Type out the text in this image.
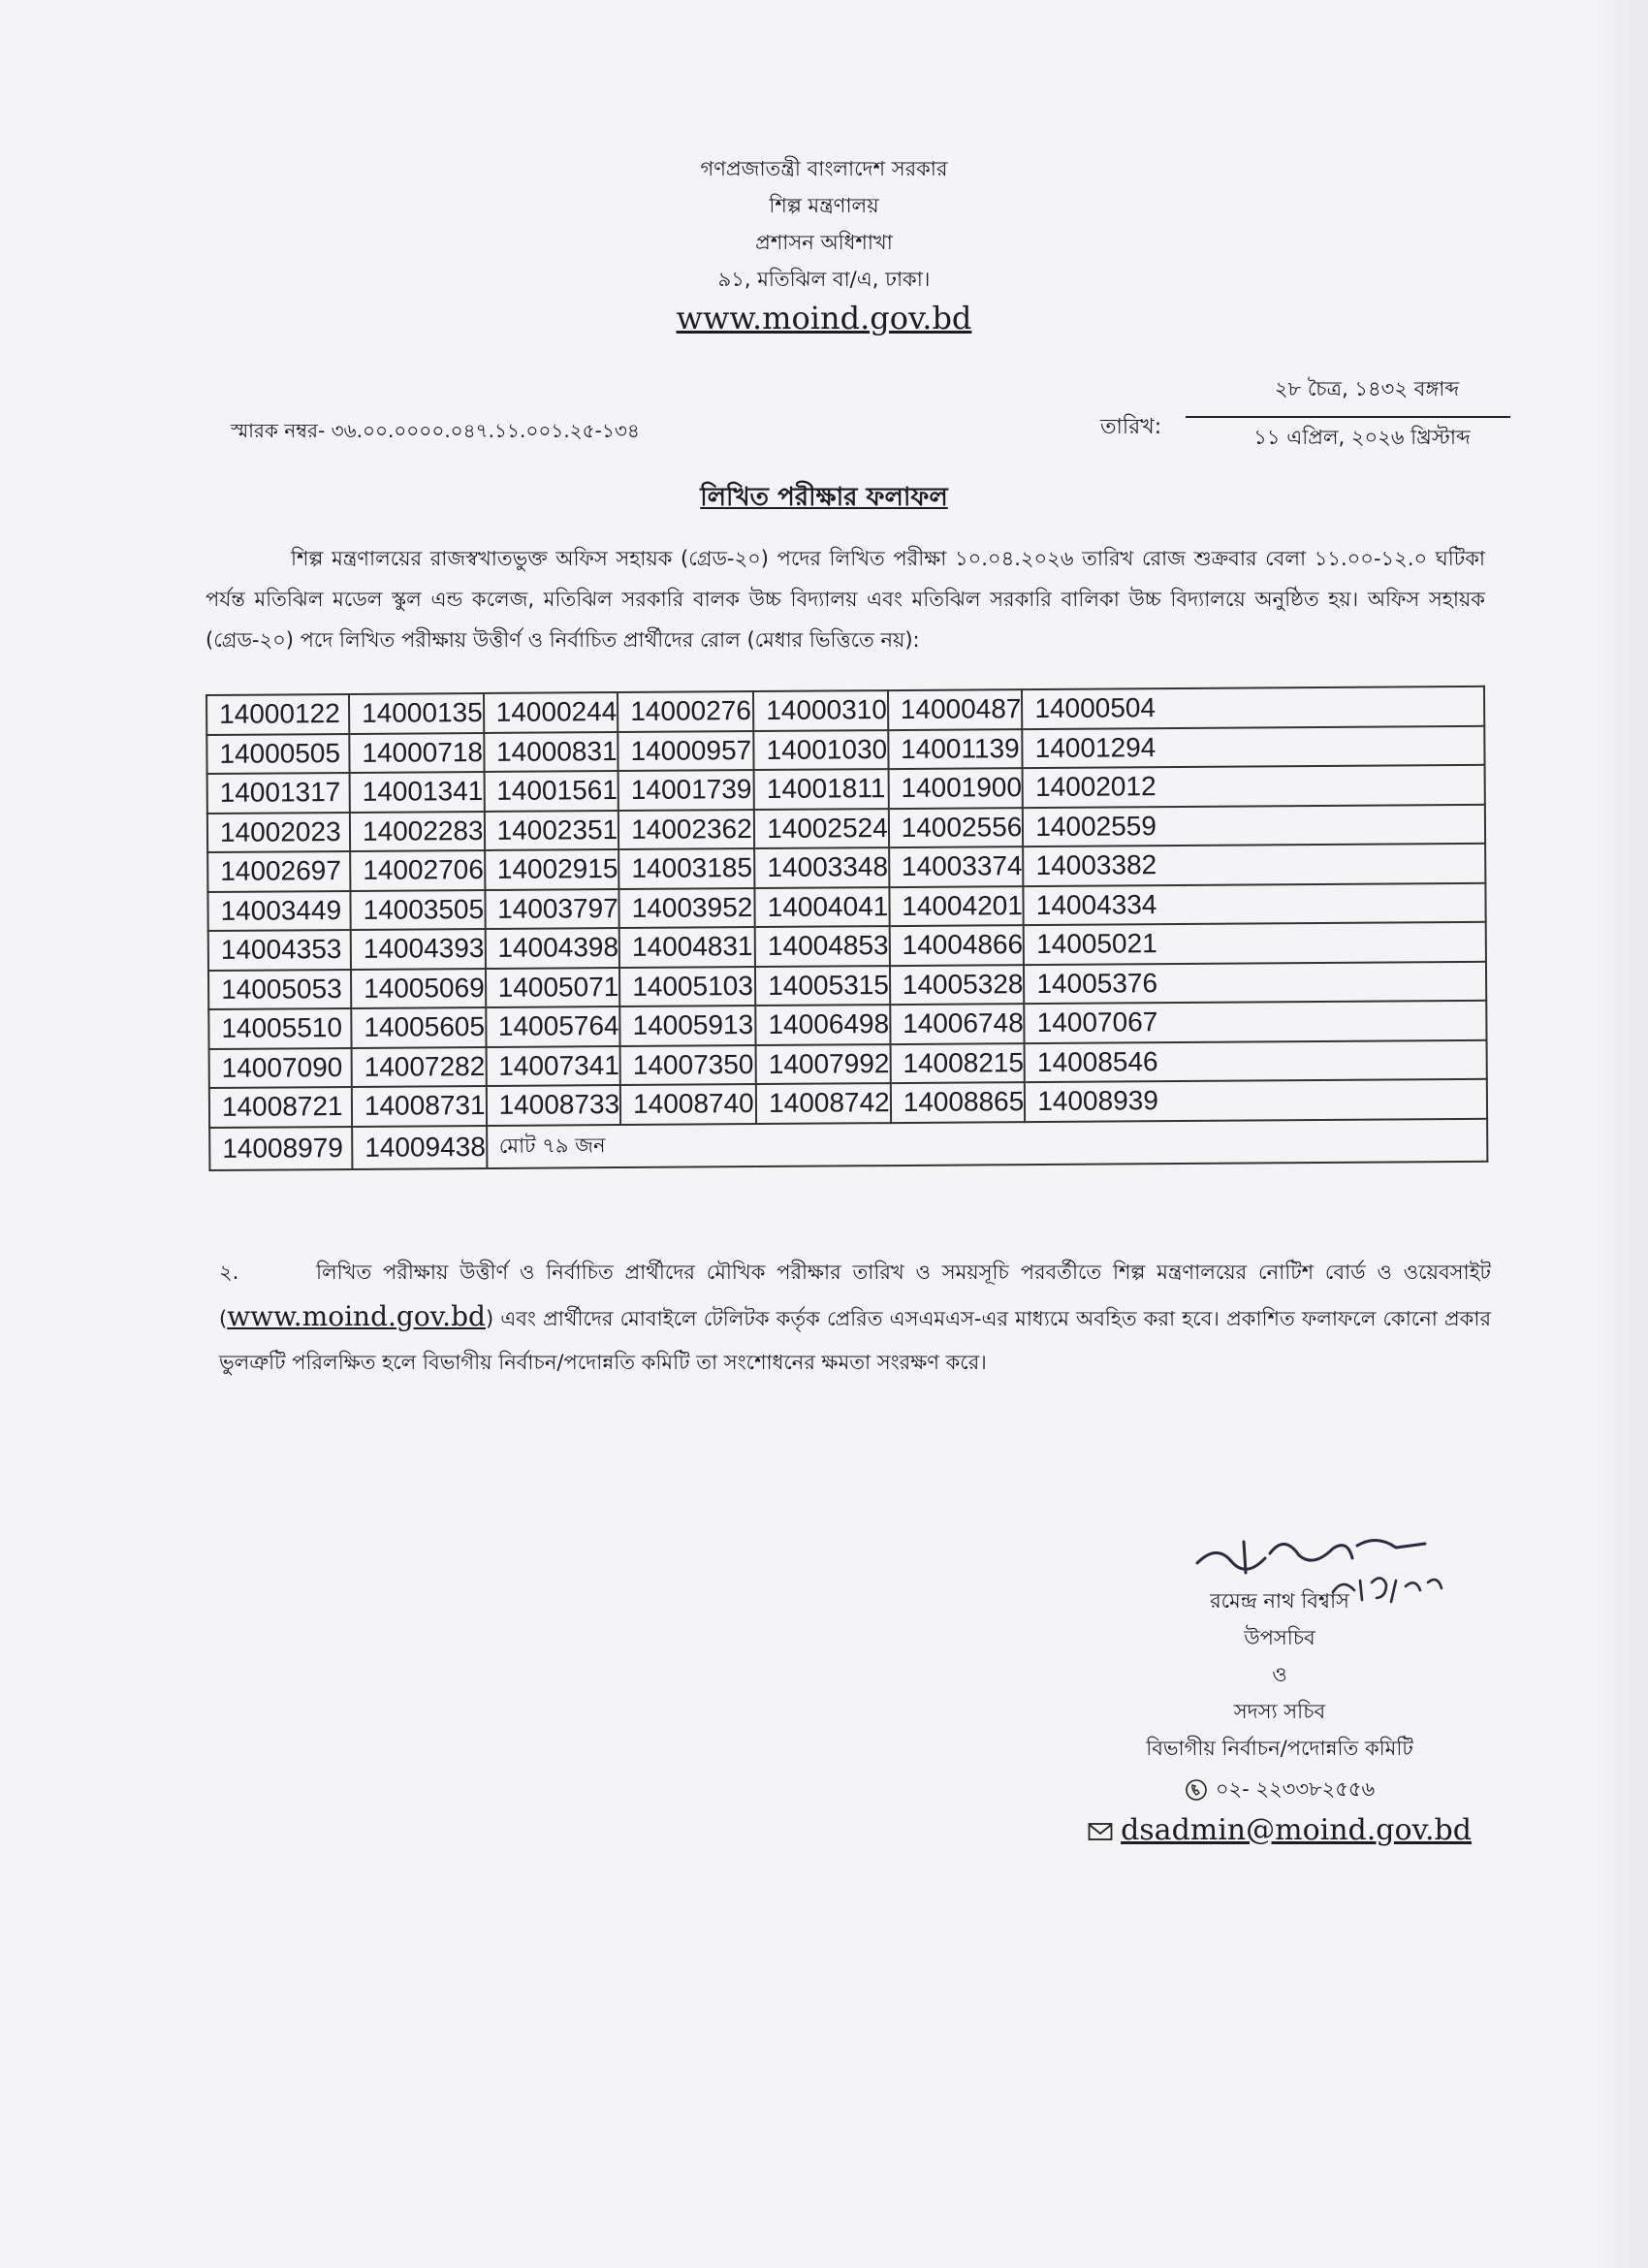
গণপ্রজাতন্ত্রী বাংলাদেশ সরকার
শিল্প মন্ত্রণালয়
প্রশাসন অধিশাখা
৯১, মতিঝিল বা/এ, ঢাকা।
www.moind.gov.bd
স্মারক নম্বর- ৩৬.০০.০০০০.০৪৭.১১.০০১.২৫-১৩৪
২৮ চৈত্র, ১৪৩২ বঙ্গাব্দ
তারিখ:	১১ এপ্রিল, ২০২৬ খ্রিস্টাব্দ
লিখিত পরীক্ষার ফলাফল
শিল্প মন্ত্রণালয়ের রাজস্বখাতভুক্ত অফিস সহায়ক (গ্রেড-২০) পদের লিখিত পরীক্ষা ১০.০৪.২০২৬ তারিখ রোজ শুক্রবার বেলা ১১.০০-১২.০ ঘটিকা পর্যন্ত মতিঝিল মডেল স্কুল এন্ড কলেজ, মতিঝিল সরকারি বালক উচ্চ বিদ্যালয় এবং মতিঝিল সরকারি বালিকা উচ্চ বিদ্যালয়ে অনুষ্ঠিত হয়। অফিস সহায়ক (গ্রেড-২০) পদে লিখিত পরীক্ষায় উত্তীর্ণ ও নির্বাচিত প্রার্থীদের রোল (মেধার ভিত্তিতে নয়):
14000122	14000135	14000244	14000276	14000310	14000487	14000504
14000505	14000718	14000831	14000957	14001030	14001139	14001294
14001317	14001341	14001561	14001739	14001811	14001900	14002012
14002023	14002283	14002351	14002362	14002524	14002556	14002559
14002697	14002706	14002915	14003185	14003348	14003374	14003382
14003449	14003505	14003797	14003952	14004041	14004201	14004334
14004353	14004393	14004398	14004831	14004853	14004866	14005021
14005053	14005069	14005071	14005103	14005315	14005328	14005376
14005510	14005605	14005764	14005913	14006498	14006748	14007067
14007090	14007282	14007341	14007350	14007992	14008215	14008546
14008721	14008731	14008733	14008740	14008742	14008865	14008939
14008979	14009438	মোট ৭৯ জন				
২.	লিখিত পরীক্ষায় উত্তীর্ণ ও নির্বাচিত প্রার্থীদের মৌখিক পরীক্ষার তারিখ ও সময়সূচি পরবর্তীতে শিল্প মন্ত্রণালয়ের নোটিশ বোর্ড ও ওয়েবসাইট (www.moind.gov.bd) এবং প্রার্থীদের মোবাইলে টেলিটক কর্তৃক প্রেরিত এসএমএস-এর মাধ্যমে অবহিত করা হবে। প্রকাশিত ফলাফলে কোনো প্রকার ভুলত্রুটি পরিলক্ষিত হলে বিভাগীয় নির্বাচন/পদোন্নতি কমিটি তা সংশোধনের ক্ষমতা সংরক্ষণ করে।
রমেন্দ্র নাথ বিশ্বাস
উপসচিব
ও
সদস্য সচিব
বিভাগীয় নির্বাচন/পদোন্নতি কমিটি
০২- ২২৩৩৮২৫৫৬
dsadmin@moind.gov.bd
